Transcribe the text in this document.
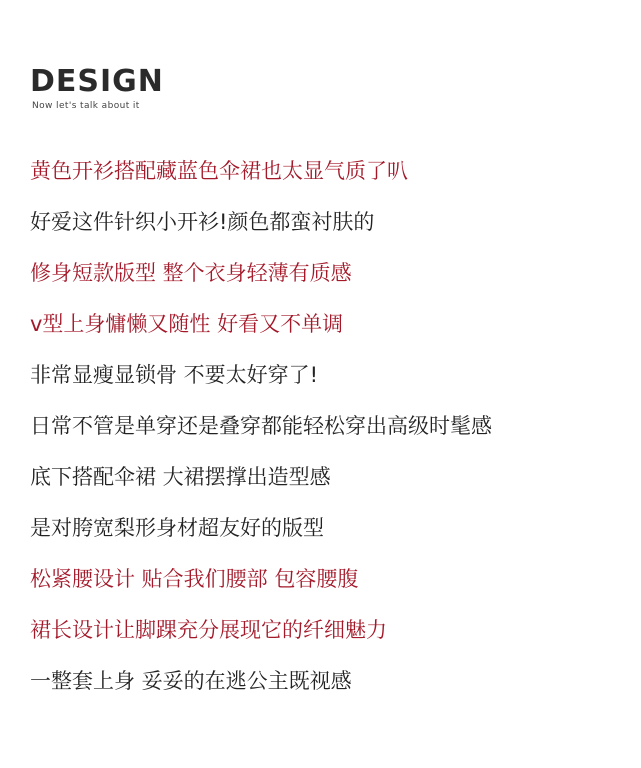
DESIGN
Now let's talk about it
黄色开衫搭配藏蓝色伞裙也太显气质了叭
好爱这件针织小开衫!颜色都蛮衬肤的
修身短款版型 整个衣身轻薄有质感
v型上身慵懒又随性 好看又不单调
非常显瘦显锁骨 不要太好穿了!
日常不管是单穿还是叠穿都能轻松穿出高级时髦感
底下搭配伞裙 大裙摆撑出造型感
是对胯宽梨形身材超友好的版型
松紧腰设计 贴合我们腰部 包容腰腹
裙长设计让脚踝充分展现它的纤细魅力
一整套上身 妥妥的在逃公主既视感
